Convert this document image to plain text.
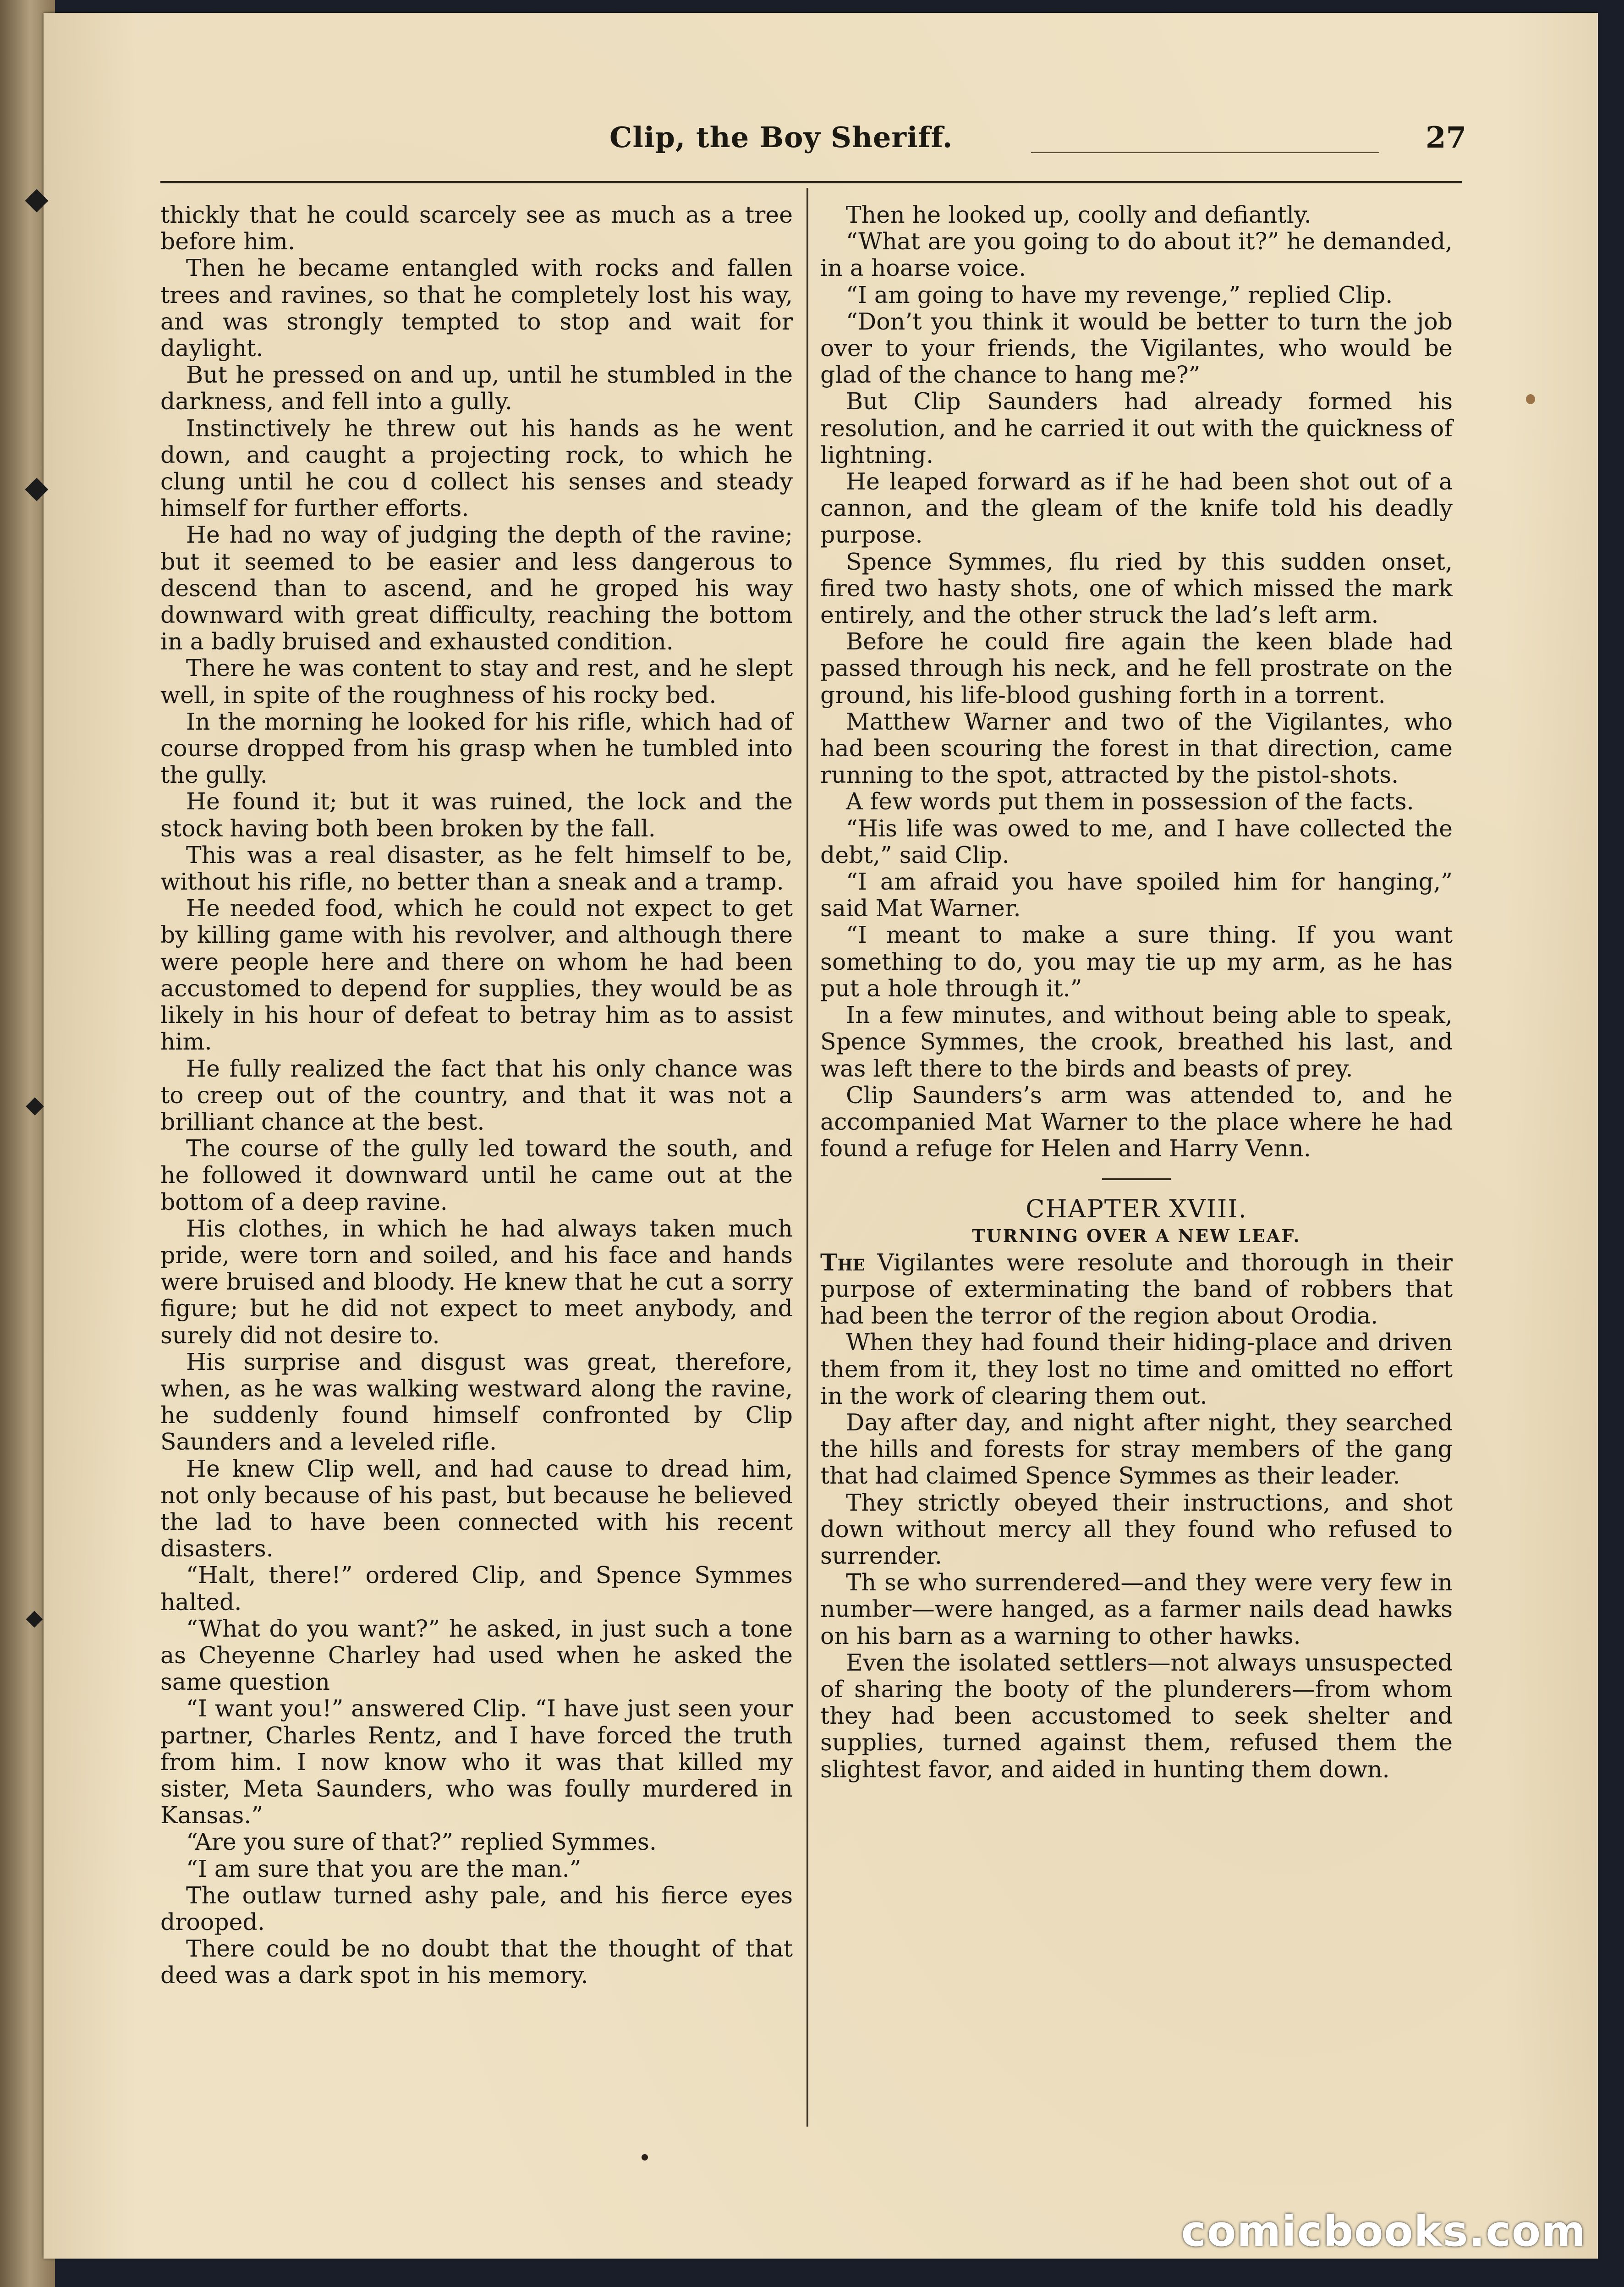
Clip, the Boy Sheriff.	27

thickly that he could scarcely see as much as a tree before him.

Then he became entangled with rocks and fallen trees and ravines, so that he completely lost his way, and was strongly tempted to stop and wait for daylight.

But he pressed on and up, until he stumbled in the darkness, and fell into a gully.

Instinctively he threw out his hands as he went down, and caught a projecting rock, to which he clung until he cou d collect his senses and steady himself for further efforts.

He had no way of judging the depth of the ravine; but it seemed to be easier and less dangerous to descend than to ascend, and he groped his way downward with great difficulty, reaching the bottom in a badly bruised and exhausted condition.

There he was content to stay and rest, and he slept well, in spite of the roughness of his rocky bed.

In the morning he looked for his rifle, which had of course dropped from his grasp when he tumbled into the gully.

He found it; but it was ruined, the lock and the stock having both been broken by the fall.

This was a real disaster, as he felt himself to be, without his rifle, no better than a sneak and a tramp.

He needed food, which he could not expect to get by killing game with his revolver, and although there were people here and there on whom he had been accustomed to depend for supplies, they would be as likely in his hour of defeat to betray him as to assist him.

He fully realized the fact that his only chance was to creep out of the country, and that it was not a brilliant chance at the best.

The course of the gully led toward the south, and he followed it downward until he came out at the bottom of a deep ravine.

His clothes, in which he had always taken much pride, were torn and soiled, and his face and hands were bruised and bloody. He knew that he cut a sorry figure; but he did not expect to meet anybody, and surely did not desire to.

His surprise and disgust was great, therefore, when, as he was walking westward along the ravine, he suddenly found himself confronted by Clip Saunders and a leveled rifle.

He knew Clip well, and had cause to dread him, not only because of his past, but because he believed the lad to have been connected with his recent disasters.

“Halt, there!” ordered Clip, and Spence Symmes halted.

“What do you want?” he asked, in just such a tone as Cheyenne Charley had used when he asked the same question

“I want you!” answered Clip. “I have just seen your partner, Charles Rentz, and I have forced the truth from him. I now know who it was that killed my sister, Meta Saunders, who was foully murdered in Kansas.”

“Are you sure of that?” replied Symmes.

“I am sure that you are the man.”

The outlaw turned ashy pale, and his fierce eyes drooped.

There could be no doubt that the thought of that deed was a dark spot in his memory.

Then he looked up, coolly and defiantly.

“What are you going to do about it?” he demanded, in a hoarse voice.

“I am going to have my revenge,” replied Clip.

“Don’t you think it would be better to turn the job over to your friends, the Vigilantes, who would be glad of the chance to hang me?”

But Clip Saunders had already formed his resolution, and he carried it out with the quickness of lightning.

He leaped forward as if he had been shot out of a cannon, and the gleam of the knife told his deadly purpose.

Spence Symmes, flu ried by this sudden onset, fired two hasty shots, one of which missed the mark entirely, and the other struck the lad’s left arm.

Before he could fire again the keen blade had passed through his neck, and he fell prostrate on the ground, his life-blood gushing forth in a torrent.

Matthew Warner and two of the Vigilantes, who had been scouring the forest in that direction, came running to the spot, attracted by the pistol-shots.

A few words put them in possession of the facts.

“His life was owed to me, and I have collected the debt,” said Clip.

“I am afraid you have spoiled him for hanging,” said Mat Warner.

“I meant to make a sure thing. If you want something to do, you may tie up my arm, as he has put a hole through it.”

In a few minutes, and without being able to speak, Spence Symmes, the crook, breathed his last, and was left there to the birds and beasts of prey.

Clip Saunders’s arm was attended to, and he accompanied Mat Warner to the place where he had found a refuge for Helen and Harry Venn.

CHAPTER XVIII.

TURNING OVER A NEW LEAF.

The Vigilantes were resolute and thorough in their purpose of exterminating the band of robbers that had been the terror of the region about Orodia.

When they had found their hiding-place and driven them from it, they lost no time and omitted no effort in the work of clearing them out.

Day after day, and night after night, they searched the hills and forests for stray members of the gang that had claimed Spence Symmes as their leader.

They strictly obeyed their instructions, and shot down without mercy all they found who refused to surrender.

Th se who surrendered—and they were very few in number—were hanged, as a farmer nails dead hawks on his barn as a warning to other hawks.

Even the isolated settlers—not always unsuspected of sharing the booty of the plunderers—from whom they had been accustomed to seek shelter and supplies, turned against them, refused them the slightest favor, and aided in hunting them down.

comicbooks.com
